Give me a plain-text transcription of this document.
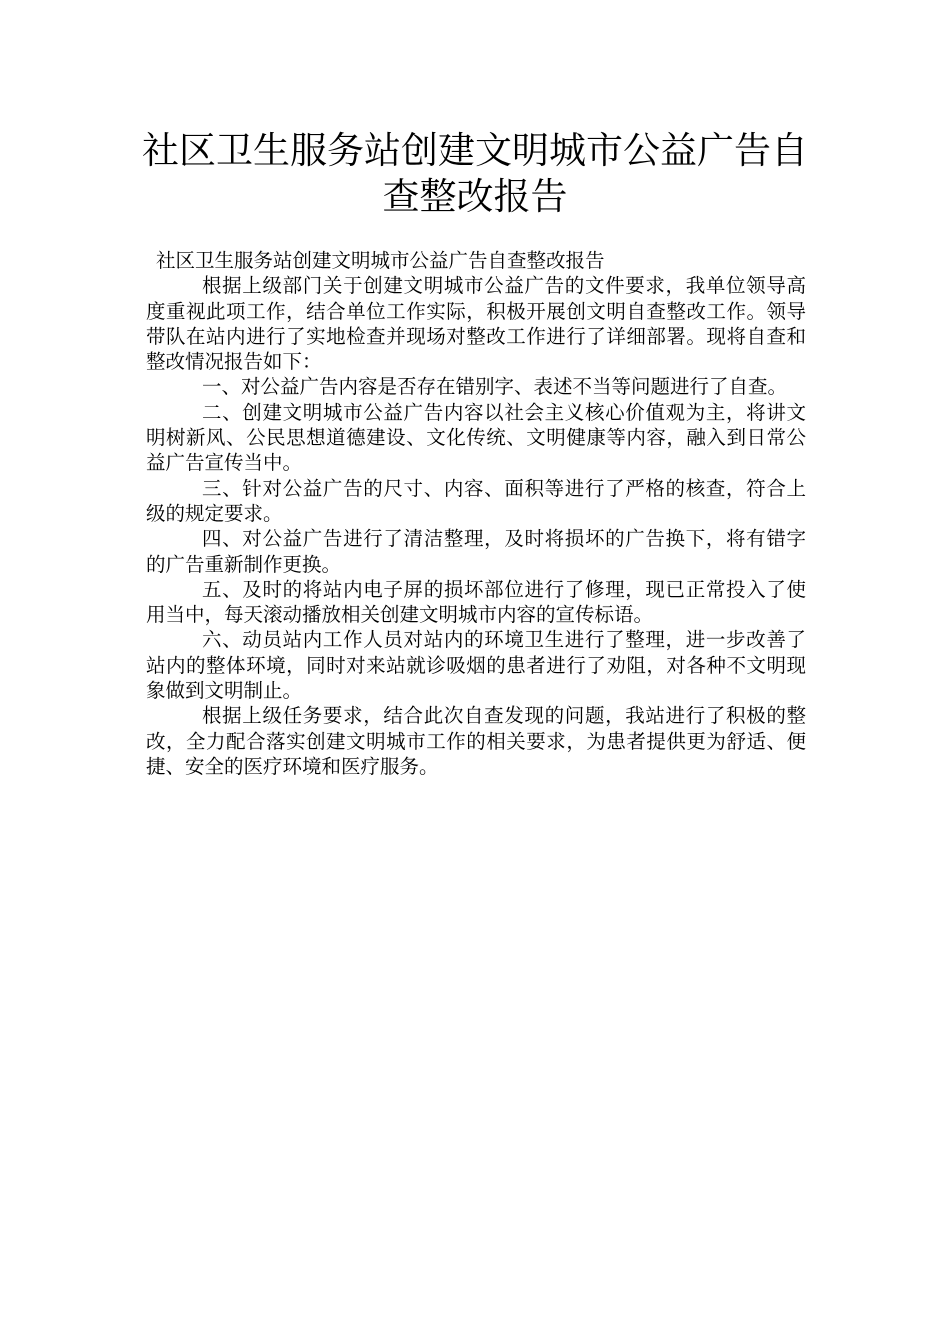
社区卫生服务站创建文明城市公益广告自
查整改报告

社区卫生服务站创建文明城市公益广告自查整改报告

根据上级部门关于创建文明城市公益广告的文件要求，我单位领导高度重视此项工作，结合单位工作实际，积极开展创文明自查整改工作。领导带队在站内进行了实地检查并现场对整改工作进行了详细部署。现将自查和整改情况报告如下：

一、对公益广告内容是否存在错别字、表述不当等问题进行了自查。

二、创建文明城市公益广告内容以社会主义核心价值观为主，将讲文明树新风、公民思想道德建设、文化传统、文明健康等内容，融入到日常公益广告宣传当中。

三、针对公益广告的尺寸、内容、面积等进行了严格的核查，符合上级的规定要求。

四、对公益广告进行了清洁整理，及时将损坏的广告换下，将有错字的广告重新制作更换。

五、及时的将站内电子屏的损坏部位进行了修理，现已正常投入了使用当中，每天滚动播放相关创建文明城市内容的宣传标语。

六、动员站内工作人员对站内的环境卫生进行了整理，进一步改善了站内的整体环境，同时对来站就诊吸烟的患者进行了劝阻，对各种不文明现象做到文明制止。

根据上级任务要求，结合此次自查发现的问题，我站进行了积极的整改，全力配合落实创建文明城市工作的相关要求，为患者提供更为舒适、便捷、安全的医疗环境和医疗服务。
